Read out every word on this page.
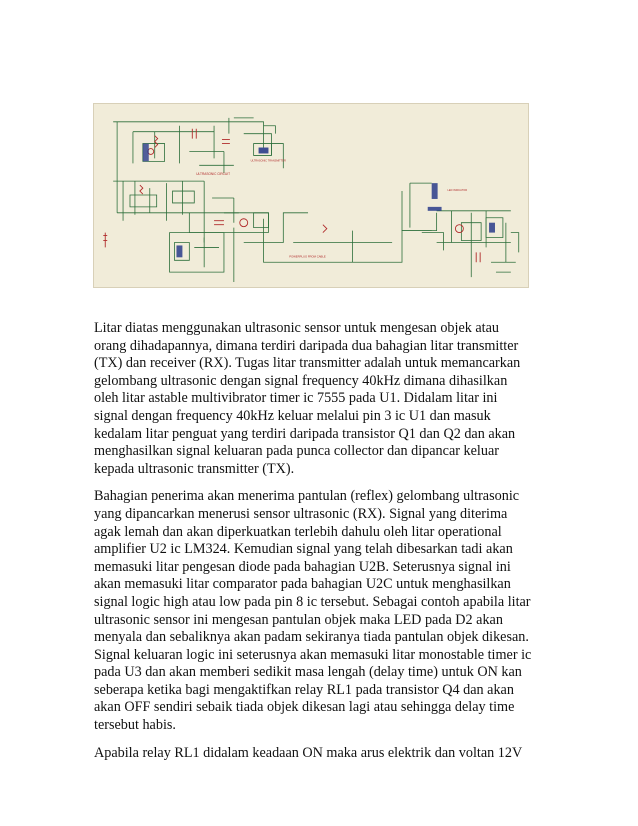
ULTRASONIC CIRCUIT
ULTRASONIC TRANSMITTER
LED INDICATOR
POWERPLUG FROM CABLE

Litar diatas menggunakan ultrasonic sensor untuk mengesan objek atau
orang dihadapannya, dimana terdiri daripada dua bahagian litar transmitter
(TX) dan receiver (RX). Tugas litar transmitter adalah untuk memancarkan
gelombang ultrasonic dengan signal frequency 40kHz dimana dihasilkan
oleh litar astable multivibrator timer ic 7555 pada U1. Didalam litar ini
signal dengan frequency 40kHz keluar melalui pin 3 ic U1 dan masuk
kedalam litar penguat yang terdiri daripada transistor Q1 dan Q2 dan akan
menghasilkan signal keluaran pada punca collector dan dipancar keluar
kepada ultrasonic transmitter (TX).

Bahagian penerima akan menerima pantulan (reflex) gelombang ultrasonic
yang dipancarkan menerusi sensor ultrasonic (RX). Signal yang diterima
agak lemah dan akan diperkuatkan terlebih dahulu oleh litar operational
amplifier U2 ic LM324. Kemudian signal yang telah dibesarkan tadi akan
memasuki litar pengesan diode pada bahagian U2B. Seterusnya signal ini
akan memasuki litar comparator pada bahagian U2C untuk menghasilkan
signal logic high atau low pada pin 8 ic tersebut. Sebagai contoh apabila litar
ultrasonic sensor ini mengesan pantulan objek maka LED pada D2 akan
menyala dan sebaliknya akan padam sekiranya tiada pantulan objek dikesan.
Signal keluaran logic ini seterusnya akan memasuki litar monostable timer ic
pada U3 dan akan memberi sedikit masa lengah (delay time) untuk ON kan
seberapa ketika bagi mengaktifkan relay RL1 pada transistor Q4 dan akan
akan OFF sendiri sebaik tiada objek dikesan lagi atau sehingga delay time
tersebut habis.

Apabila relay RL1 didalam keadaan ON maka arus elektrik dan voltan 12V
